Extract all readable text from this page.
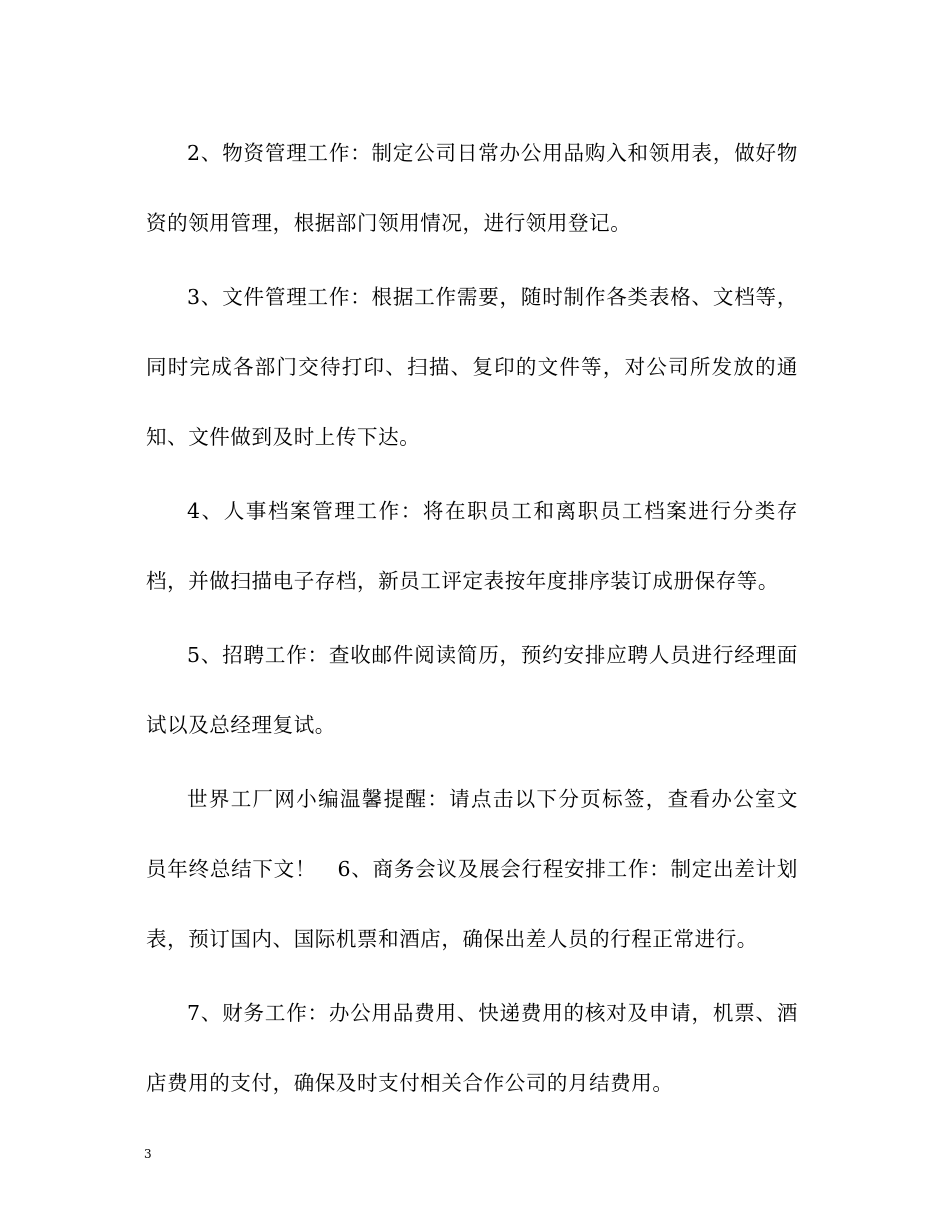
2、物资管理工作：制定公司日常办公用品购入和领用表，做好物资的领用管理，根据部门领用情况，进行领用登记。

3、文件管理工作：根据工作需要，随时制作各类表格、文档等，同时完成各部门交待打印、扫描、复印的文件等，对公司所发放的通知、文件做到及时上传下达。

4、人事档案管理工作：将在职员工和离职员工档案进行分类存档，并做扫描电子存档，新员工评定表按年度排序装订成册保存等。

5、招聘工作：查收邮件阅读简历，预约安排应聘人员进行经理面试以及总经理复试。

世界工厂网小编温馨提醒：请点击以下分页标签，查看办公室文员年终总结下文！　6、商务会议及展会行程安排工作：制定出差计划表，预订国内、国际机票和酒店，确保出差人员的行程正常进行。

7、财务工作：办公用品费用、快递费用的核对及申请，机票、酒店费用的支付，确保及时支付相关合作公司的月结费用。

3
